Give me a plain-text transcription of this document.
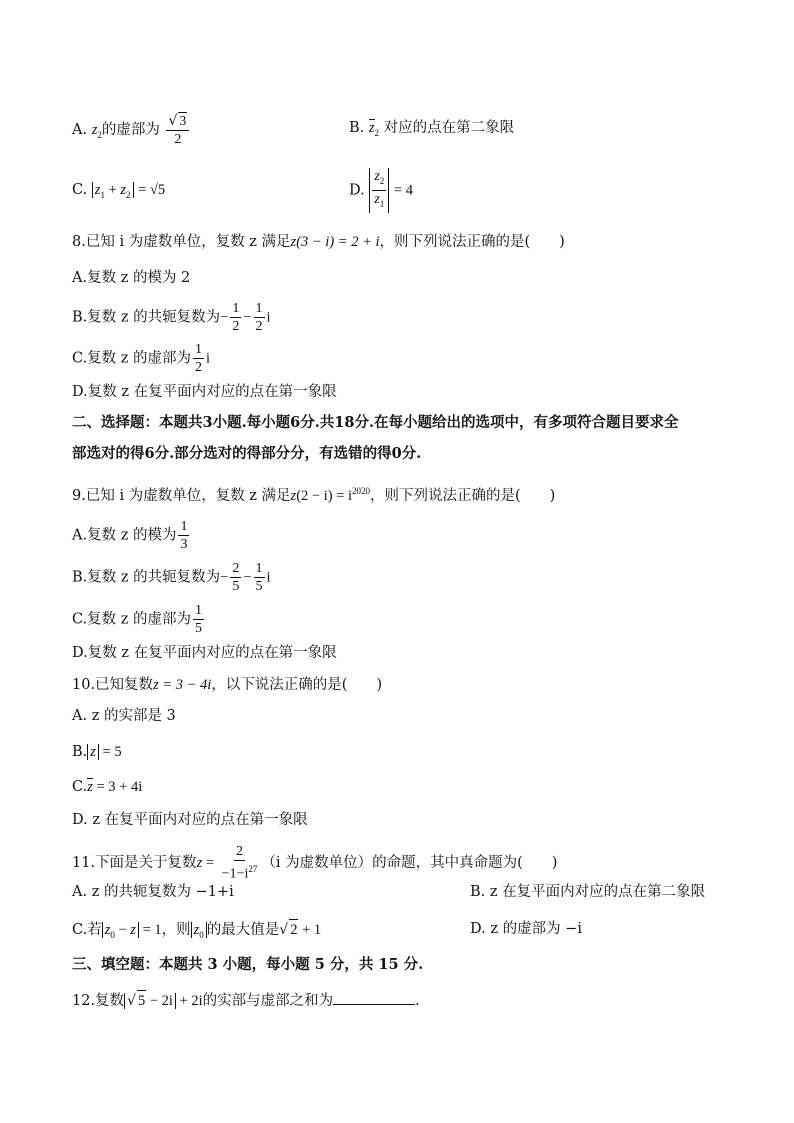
A. $z_2$的虚部为 $\frac{√ 3}{2}$	B. $z_2$ 对应的点在第二象限
C. $z_1 + z_2 = √5$	D. $\frac{z_2}{z_1} = 4$
8.已知 i 为虚数单位，复数 z 满足z(3 − i) = 2 + i，则下列说法正确的是(　　)
A.复数 z 的模为 2
B.复数 z 的共轭复数为− $\frac{1}{2} - \frac{1}{2}$ i
C.复数 z 的虚部为 $\frac{1}{2}$ i
D.复数 z 在复平面内对应的点在第一象限
二、选择题：本题共3小题.每小题6分.共18分.在每小题给出的选项中，有多项符合题目要求全
部选对的得6分.部分选对的得部分分，有选错的得0分.
9.已知 i 为虚数单位，复数 z 满足$z(2 - i) = i^{2020}$，则下列说法正确的是(　　)
A.复数 z 的模为 $\frac{1}{3}$
B.复数 z 的共轭复数为− $\frac{2}{5} - \frac{1}{5}$ i
C.复数 z 的虚部为 $\frac{1}{5}$
D.复数 z 在复平面内对应的点在第一象限
10.已知复数z = 3 − 4i，以下说法正确的是(　　)
A. z 的实部是 3
B. z = 5
C.z = 3 + 4i
D. z 在复平面内对应的点在第一象限
11.下面是关于复数$z = \frac{2}{-1-i^{27}} (i$ 为虚数单位）的命题，其中真命题为(　　)
A. z 的共轭复数为 −1+i	B. z 在复平面内对应的点在第二象限
C.若 $z_0 - z = 1$，则 $z_0$ 的最大值是√ 2 + 1	D. z 的虚部为 −i
三、填空题：本题共 3 小题，每小题 5 分，共 15 分.
12.复数 √ 5 − 2i + 2i的实部与虚部之和为	.
